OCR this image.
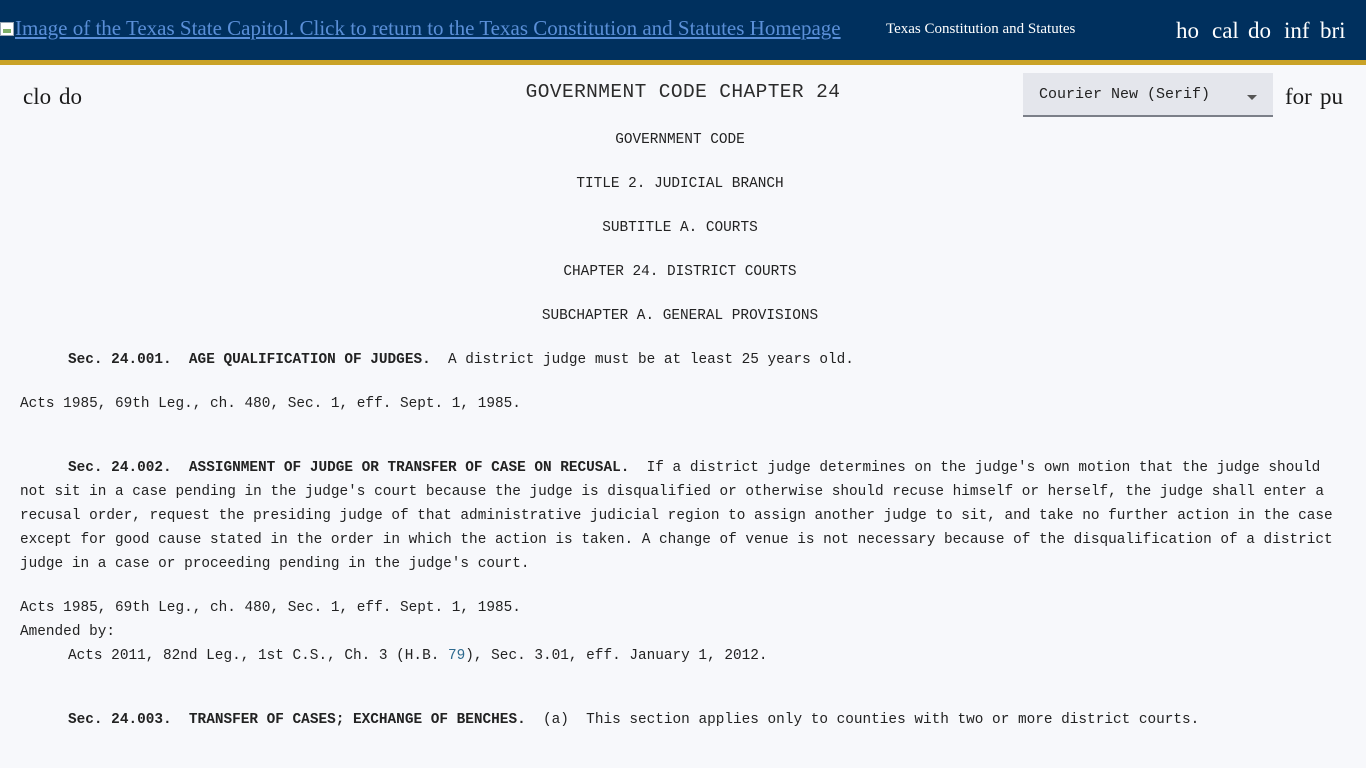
Image of the Texas State Capitol. Click to return to the Texas Constitution and Statutes Homepage	Texas Constitution and Statutes	ho cal do inf bri
clo do	GOVERNMENT CODE CHAPTER 24	Courier New (Serif)	for pu
GOVERNMENT CODE
TITLE 2. JUDICIAL BRANCH
SUBTITLE A. COURTS
CHAPTER 24. DISTRICT COURTS
SUBCHAPTER A. GENERAL PROVISIONS

Sec. 24.001. AGE QUALIFICATION OF JUDGES. A district judge must be at least 25 years old.

Acts 1985, 69th Leg., ch. 480, Sec. 1, eff. Sept. 1, 1985.

Sec. 24.002. ASSIGNMENT OF JUDGE OR TRANSFER OF CASE ON RECUSAL. If a district judge determines on the judge's own motion that the judge should not sit in a case pending in the judge's court because the judge is disqualified or otherwise should recuse himself or herself, the judge shall enter a recusal order, request the presiding judge of that administrative judicial region to assign another judge to sit, and take no further action in the case except for good cause stated in the order in which the action is taken. A change of venue is not necessary because of the disqualification of a district judge in a case or proceeding pending in the judge's court.

Acts 1985, 69th Leg., ch. 480, Sec. 1, eff. Sept. 1, 1985.

Amended by:

Acts 2011, 82nd Leg., 1st C.S., Ch. 3 (H.B. 79), Sec. 3.01, eff. January 1, 2012.

Sec. 24.003. TRANSFER OF CASES; EXCHANGE OF BENCHES. (a)  This section applies only to counties with two or more district courts.
